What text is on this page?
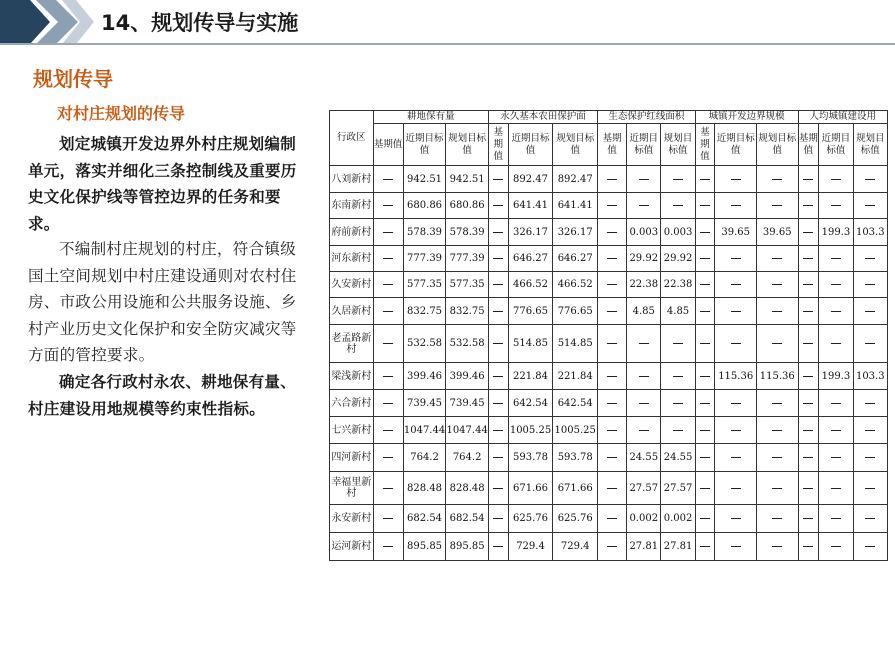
14、规划传导与实施
规划传导
对村庄规划的传导
划定城镇开发边界外村庄规划编制单元，落实并细化三条控制线及重要历史文化保护线等管控边界的任务和要求。
不编制村庄规划的村庄，符合镇级国土空间规划中村庄建设通则对农村住房、市政公用设施和公共服务设施、乡村产业历史文化保护和安全防灾减灾等方面的管控要求。
确定各行政村永农、耕地保有量、村庄建设用地规模等约束性指标。
行政区	耕地保有量			永久基本农田保护面			生态保护红线面积			城镇开发边界规模			人均城镇建设用		
	基期值	近期目标值	规划目标值	基期值	近期目标值	规划目标值	基期值	近期目标值	规划目标值	基期值	近期目标值	规划目标值	基期值	近期目标值	规划目标值
八刘新村		942.51	942.51		892.47	892.47									
东南新村		680.86	680.86		641.41	641.41									
府前新村		578.39	578.39		326.17	326.17		0.003	0.003		39.65	39.65		199.3	103.3
河东新村		777.39	777.39		646.27	646.27		29.92	29.92						
久安新村		577.35	577.35		466.52	466.52		22.38	22.38						
久居新村		832.75	832.75		776.65	776.65		4.85	4.85						
老孟路新村		532.58	532.58		514.85	514.85									
梁浅新村		399.46	399.46		221.84	221.84					115.36	115.36		199.3	103.3
六合新村		739.45	739.45		642.54	642.54									
七兴新村		1047.44	1047.44		1005.25	1005.25									
四河新村		764.2	764.2		593.78	593.78		24.55	24.55						
幸福里新村		828.48	828.48		671.66	671.66		27.57	27.57						
永安新村		682.54	682.54		625.76	625.76		0.002	0.002						
运河新村		895.85	895.85		729.4	729.4		27.81	27.81						
